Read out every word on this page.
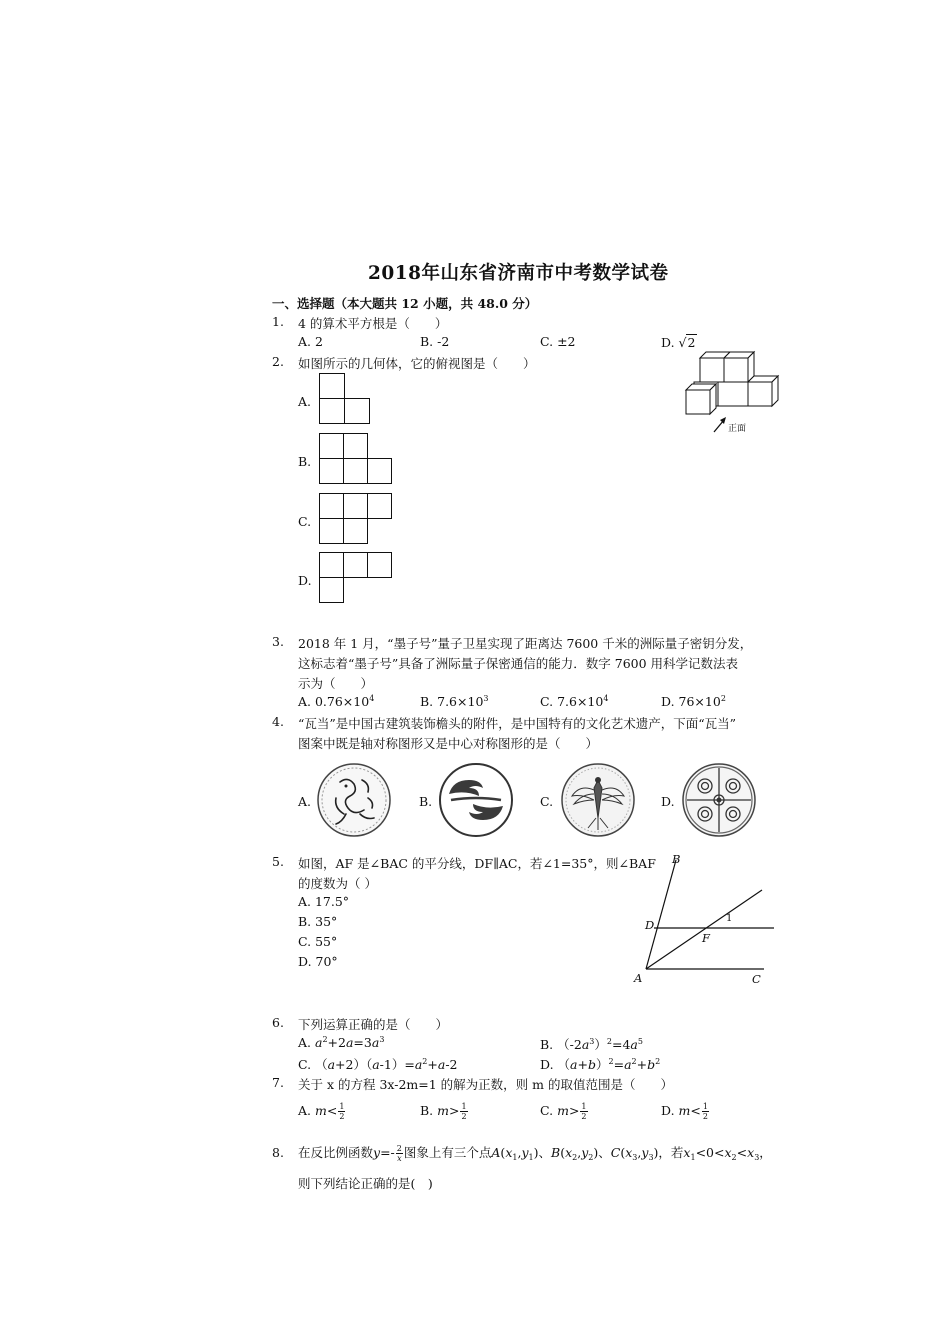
2018年山东省济南市中考数学试卷
一、选择题（本大题共 12 小题，共 48.0 分）
1. 4 的算术平方根是（　　）
A. 2	B. -2	C. ±2	D. √2
2. 如图所示的几何体，它的俯视图是（　　）
正面
A.
B.
C.
D.
3. 2018 年 1 月，“墨子号”量子卫星实现了距离达 7600 千米的洲际量子密钥分发，
这标志着“墨子号”具备了洲际量子保密通信的能力．数字 7600 用科学记数法表
示为（　　）
A. $0.76\times 10^4$	B. $7.6\times 10^3$	C. $7.6\times 10^4$	D. $76\times 10^2$
4. “瓦当”是中国古建筑装饰檐头的附件，是中国特有的文化艺术遗产，下面“瓦当”
图案中既是轴对称图形又是中心对称图形的是（　　）
A.	B.	C.	D.
5. 如图，AF 是∠BAC 的平分线，DF∥AC，若∠1=35°，则∠BAF
的度数为（ ）
A. 17.5°
B. 35°
C. 55°
D. 70°
B
D
F
1
A	C
6. 下列运算正确的是（　　）
A. $a^2+2a=3a^3$	B. $(-2a^3)^2=4a^5$
C. $(a+2)(a-1)=a^2+a-2$	D. $(a+b)^2=a^2+b^2$
7. 关于 x 的方程 3x-2m=1 的解为正数，则 m 的取值范围是（　　）
A. $m< \frac{1}{2}$	B. $m> \frac{1}{2}$	C. $m> \frac{1}{2}$	D. $m< \frac{1}{2}$
8. 在反比例函数$y=- \frac{2}{x}$ 图象上有三个点$A(x_1,y_1)$、$B(x_2,y_2)$、$C(x_3,y_3)$，若$x_1<0<x_2<x_3$，
则下列结论正确的是(　)
